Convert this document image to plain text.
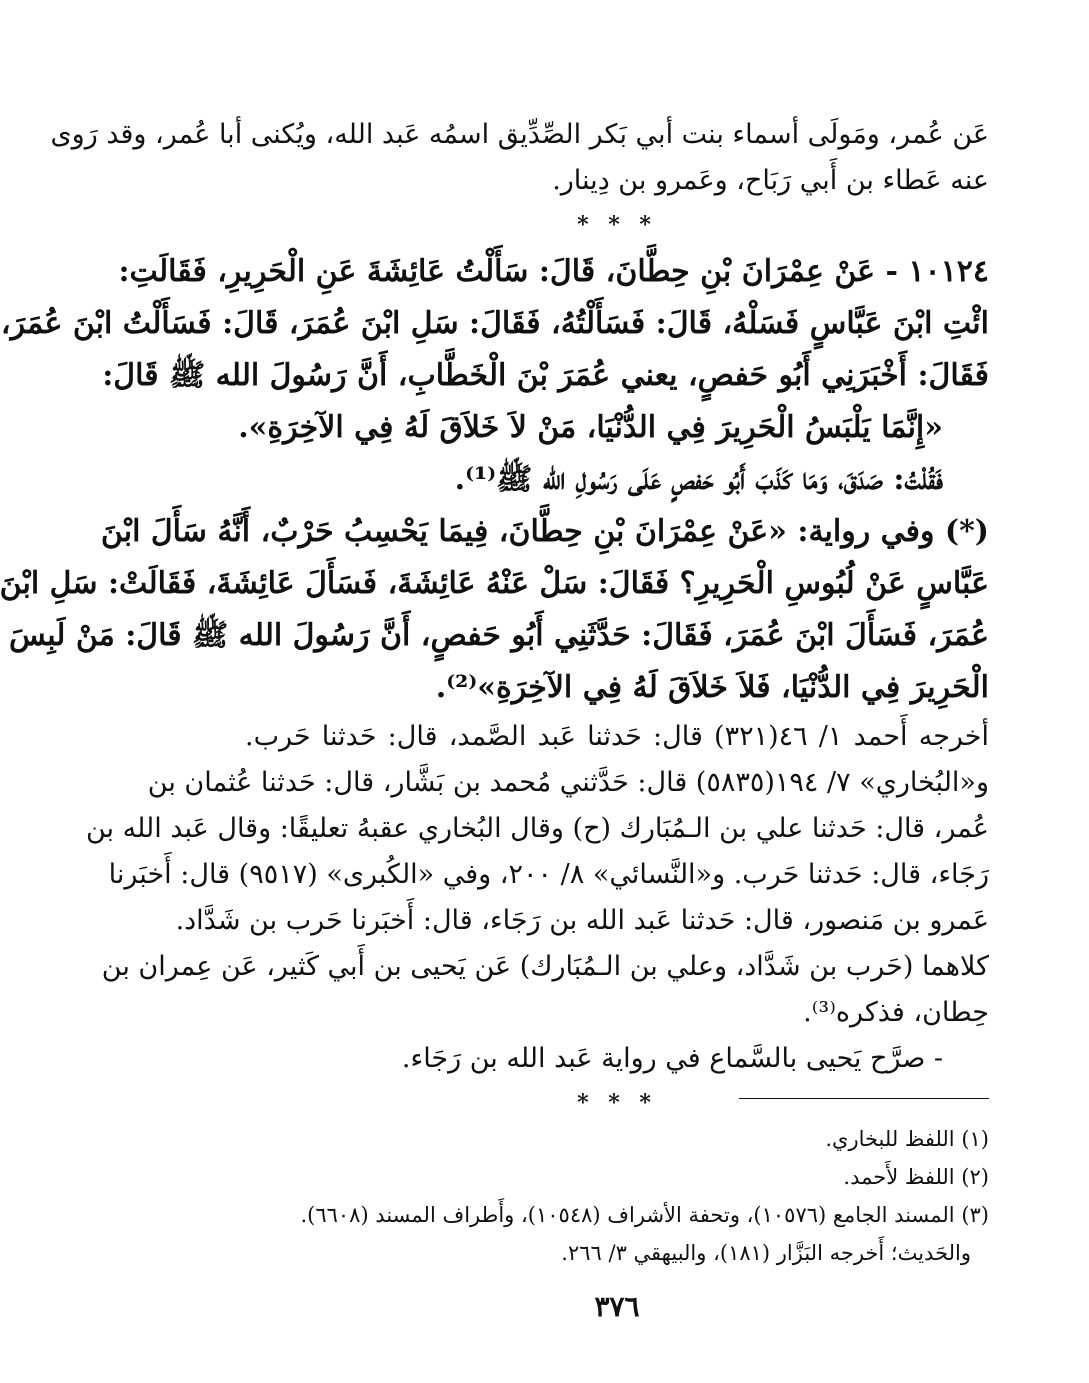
عَن عُمر، ومَولَى أسماء بنت أبي بَكر الصِّدِّيق اسمُه عَبد الله، ويُكنى أبا عُمر، وقد رَوى
عنه عَطاء بن أَبي رَبَاح، وعَمرو بن دِينار.
* * *
١٠١٢٤ - عَنْ عِمْرَانَ بْنِ حِطَّانَ، قَالَ: سَأَلْتُ عَائِشَةَ عَنِ الْحَرِيرِ، فَقَالَتِ:
ائْتِ ابْنَ عَبَّاسٍ فَسَلْهُ، قَالَ: فَسَأَلْتُهُ، فَقَالَ: سَلِ ابْنَ عُمَرَ، قَالَ: فَسَأَلْتُ ابْنَ عُمَرَ،
فَقَالَ: أَخْبَرَنِي أَبُو حَفصٍ، يعني عُمَرَ بْنَ الْخَطَّابِ، أَنَّ رَسُولَ الله ﷺ قَالَ:
«إِنَّمَا يَلْبَسُ الْحَرِيرَ فِي الدُّنْيَا، مَنْ لاَ خَلاَقَ لَهُ فِي الآخِرَةِ».
فَقُلْتُ: صَدَقَ، وَمَا كَذَبَ أَبُو حَفصٍ عَلَى رَسُولِ الله ﷺ⁽¹⁾.
(*) وفي رواية: «عَنْ عِمْرَانَ بْنِ حِطَّانَ، فِيمَا يَحْسِبُ حَرْبٌ، أَنَّهُ سَأَلَ ابْنَ
عَبَّاسٍ عَنْ لُبُوسِ الْحَرِيرِ؟ فَقَالَ: سَلْ عَنْهُ عَائِشَةَ، فَسَأَلَ عَائِشَةَ، فَقَالَتْ: سَلِ ابْنَ
عُمَرَ، فَسَأَلَ ابْنَ عُمَرَ، فَقَالَ: حَدَّثَنِي أَبُو حَفصٍ، أَنَّ رَسُولَ الله ﷺ قَالَ: مَنْ لَبِسَ
الْحَرِيرَ فِي الدُّنْيَا، فَلاَ خَلاَقَ لَهُ فِي الآخِرَةِ»⁽²⁾.
أخرجه أَحمد ١/ ٤٦(٣٢١) قال: حَدثنا عَبد الصَّمد، قال: حَدثنا حَرب.
و«البُخاري» ٧/ ١٩٤(٥٨٣٥) قال: حَدَّثني مُحمد بن بَشَّار، قال: حَدثنا عُثمان بن
عُمر، قال: حَدثنا علي بن الـمُبَارك (ح) وقال البُخاري عقبهُ تعليقًا: وقال عَبد الله بن
رَجَاء، قال: حَدثنا حَرب. و«النَّسائي» ٨/ ٢٠٠، وفي «الكُبرى» (٩٥١٧) قال: أَخبَرنا
عَمرو بن مَنصور، قال: حَدثنا عَبد الله بن رَجَاء، قال: أَخبَرنا حَرب بن شَدَّاد.
كلاهما (حَرب بن شَدَّاد، وعلي بن الـمُبَارك) عَن يَحيى بن أَبي كَثير، عَن عِمران بن
حِطان، فذكره⁽³⁾.
- صرَّح يَحيى بالسَّماع في رواية عَبد الله بن رَجَاء.
* * *
(١) اللفظ للبخاري.
(٢) اللفظ لأَحمد.
(٣) المسند الجامع (١٠٥٧٦)، وتحفة الأشراف (١٠٥٤٨)، وأَطراف المسند (٦٦٠٨).
والحَديث؛ أَخرجه البَزَّار (١٨١)، والبيهقي ٣/ ٢٦٦.
٣٧٦
